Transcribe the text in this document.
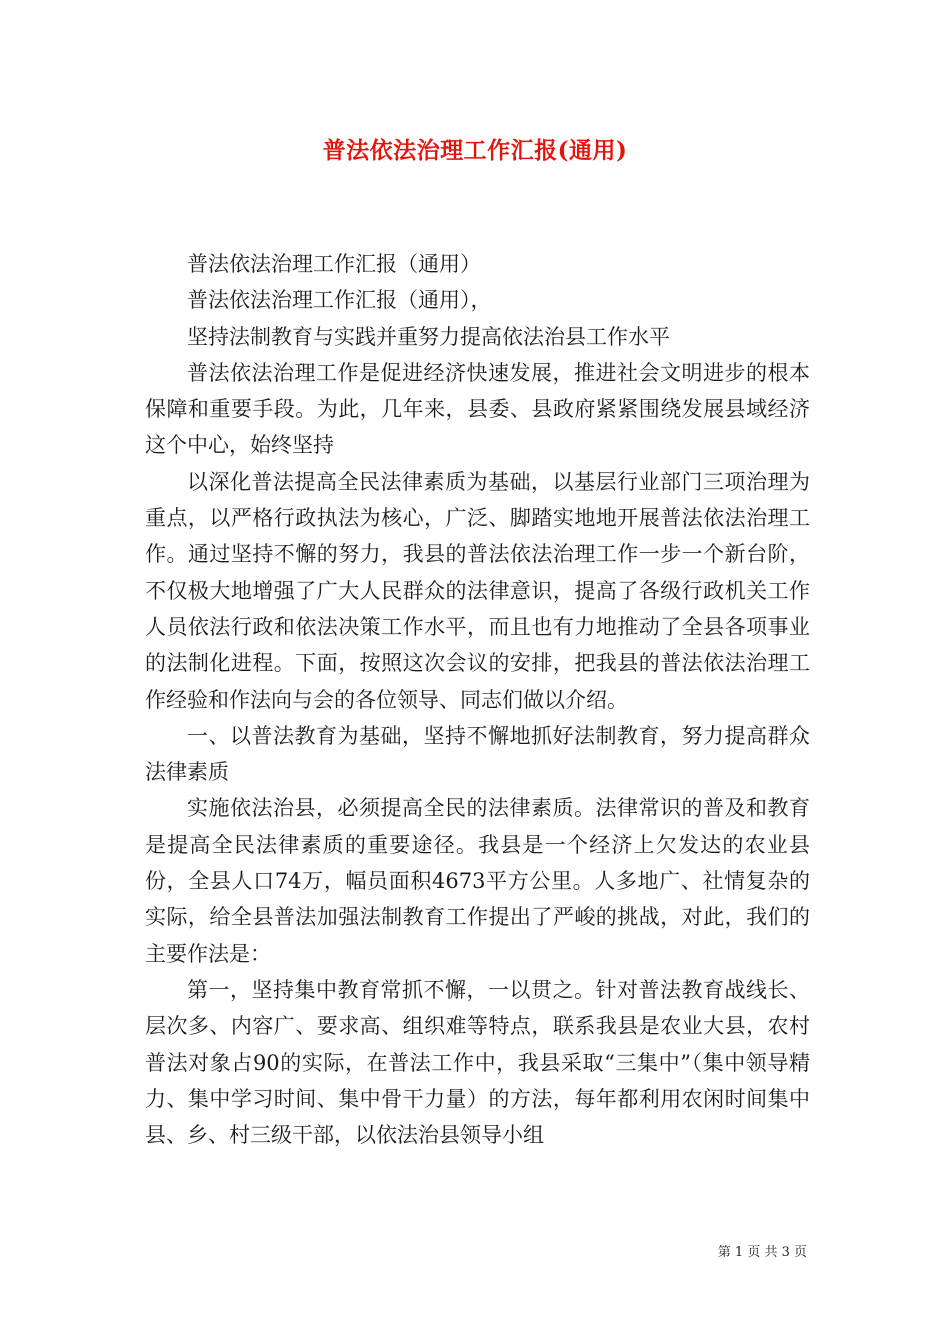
普法依法治理工作汇报(通用)

普法依法治理工作汇报（通用）

普法依法治理工作汇报（通用），

坚持法制教育与实践并重努力提高依法治县工作水平

普法依法治理工作是促进经济快速发展，推进社会文明进步的根本保障和重要手段。为此，几年来，县委、县政府紧紧围绕发展县域经济这个中心，始终坚持

以深化普法提高全民法律素质为基础，以基层行业部门三项治理为重点，以严格行政执法为核心，广泛、脚踏实地地开展普法依法治理工作。通过坚持不懈的努力，我县的普法依法治理工作一步一个新台阶，不仅极大地增强了广大人民群众的法律意识，提高了各级行政机关工作人员依法行政和依法决策工作水平，而且也有力地推动了全县各项事业的法制化进程。下面，按照这次会议的安排，把我县的普法依法治理工作经验和作法向与会的各位领导、同志们做以介绍。

一、以普法教育为基础，坚持不懈地抓好法制教育，努力提高群众法律素质

实施依法治县，必须提高全民的法律素质。法律常识的普及和教育是提高全民法律素质的重要途径。我县是一个经济上欠发达的农业县份，全县人口74万，幅员面积4673平方公里。人多地广、社情复杂的实际，给全县普法加强法制教育工作提出了严峻的挑战，对此，我们的主要作法是：

第一，坚持集中教育常抓不懈，一以贯之。针对普法教育战线长、层次多、内容广、要求高、组织难等特点，联系我县是农业大县，农村普法对象占90的实际，在普法工作中，我县采取“三集中”（集中领导精力、集中学习时间、集中骨干力量）的方法，每年都利用农闲时间集中县、乡、村三级干部，以依法治县领导小组

第 1 页 共 3 页
